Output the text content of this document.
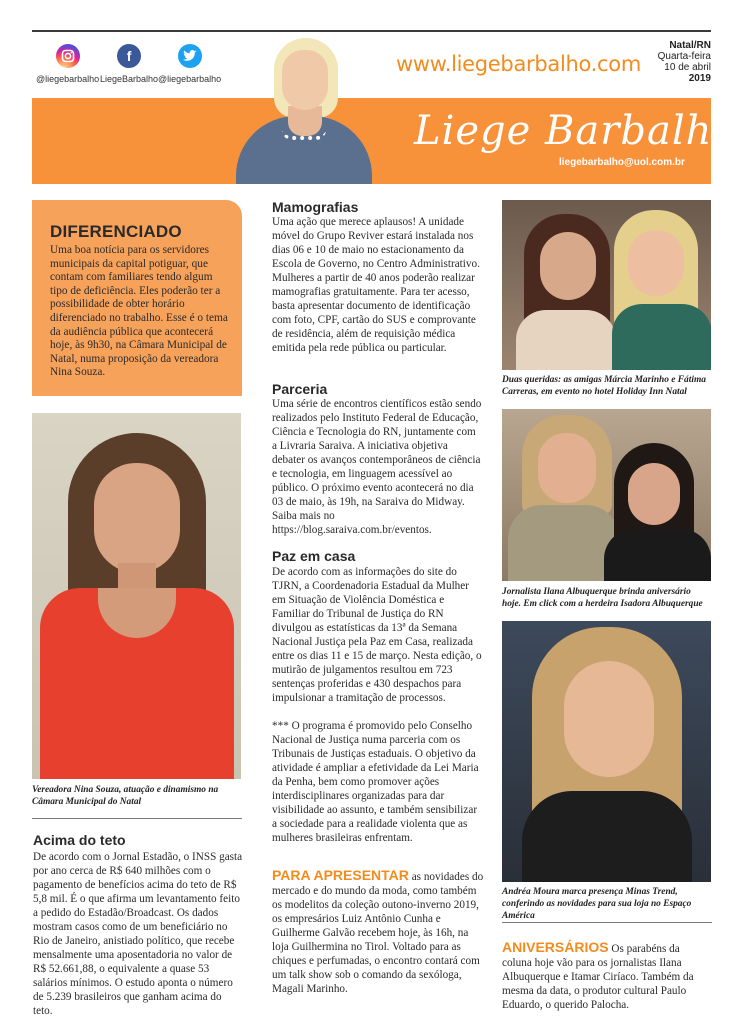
@liegebarbalho
f
LiegeBarbalho @liegebarbalho
www.liegebarbalho.com
Natal/RN
Quarta-feira
10 de abril
2019
Liege Barbalho
liegebarbalho@uol.com.br
DIFERENCIADO
Uma boa notícia para os servidores municipais da capital potiguar, que contam com familiares tendo algum tipo de deficiência. Eles poderão ter a possibilidade de obter horário diferenciado no trabalho. Esse é o tema da audiência pública que acontecerá hoje, às 9h30, na Câmara Municipal de Natal, numa proposição da vereadora Nina Souza.
Vereadora Nina Souza, atuação e dinamismo na Câmara Municipal do Natal
Acima do teto
De acordo com o Jornal Estadão, o INSS gasta por ano cerca de R$ 640 milhões com o pagamento de benefícios acima do teto de R$ 5,8 mil. É o que afirma um levantamento feito a pedido do Estadão/Broadcast. Os dados mostram casos como de um beneficiário no Rio de Janeiro, anistiado político, que recebe mensalmente uma aposentadoria no valor de R$ 52.661,88, o equivalente a quase 53 salários mínimos. O estudo aponta o número de 5.239 brasileiros que ganham acima do teto.
Mamografias
Uma ação que merece aplausos! A unidade móvel do Grupo Reviver estará instalada nos dias 06 e 10 de maio no estacionamento da Escola de Governo, no Centro Administrativo. Mulheres a partir de 40 anos poderão realizar mamografias gratuitamente. Para ter acesso, basta apresentar documento de identificação com foto, CPF, cartão do SUS e comprovante de residência, além de requisição médica emitida pela rede pública ou particular.
Parceria
Uma série de encontros científicos estão sendo realizados pelo Instituto Federal de Educação, Ciência e Tecnologia do RN, juntamente com a Livraria Saraiva. A iniciativa objetiva debater os avanços contemporâneos de ciência e tecnologia, em linguagem acessível ao público. O próximo evento acontecerá no dia 03 de maio, às 19h, na Saraiva do Midway. Saiba mais no https://blog.saraiva.com.br/eventos.
Paz em casa
De acordo com as informações do site do TJRN, a Coordenadoria Estadual da Mulher em Situação de Violência Doméstica e Familiar do Tribunal de Justiça do RN divulgou as estatísticas da 13ª da Semana Nacional Justiça pela Paz em Casa, realizada entre os dias 11 e 15 de março. Nesta edição, o mutirão de julgamentos resultou em 723 sentenças proferidas e 430 despachos para impulsionar a tramitação de processos.
*** O programa é promovido pelo Conselho Nacional de Justiça numa parceria com os Tribunais de Justiças estaduais. O objetivo da atividade é ampliar a efetividade da Lei Maria da Penha, bem como promover ações interdisciplinares organizadas para dar visibilidade ao assunto, e também sensibilizar a sociedade para a realidade violenta que as mulheres brasileiras enfrentam.
PARA APRESENTAR as novidades do mercado e do mundo da moda, como também os modelitos da coleção outono-inverno 2019, os empresários Luiz Antônio Cunha e Guilherme Galvão recebem hoje, às 16h, na loja Guilhermina no Tirol. Voltado para as chiques e perfumadas, o encontro contará com um talk show sob o comando da sexóloga, Magali Marinho.
Duas queridas: as amigas Márcia Marinho e Fátima Carreras, em evento no hotel Holiday Inn Natal
Jornalista Ilana Albuquerque brinda aniversário hoje. Em click com a herdeira Isadora Albuquerque
Andréa Moura marca presença Minas Trend, conferindo as novidades para sua loja no Espaço América
ANIVERSÁRIOS Os parabéns da coluna hoje vão para os jornalistas Ilana Albuquerque e Itamar Ciríaco. Também da mesma da data, o produtor cultural Paulo Eduardo, o querido Palocha.
